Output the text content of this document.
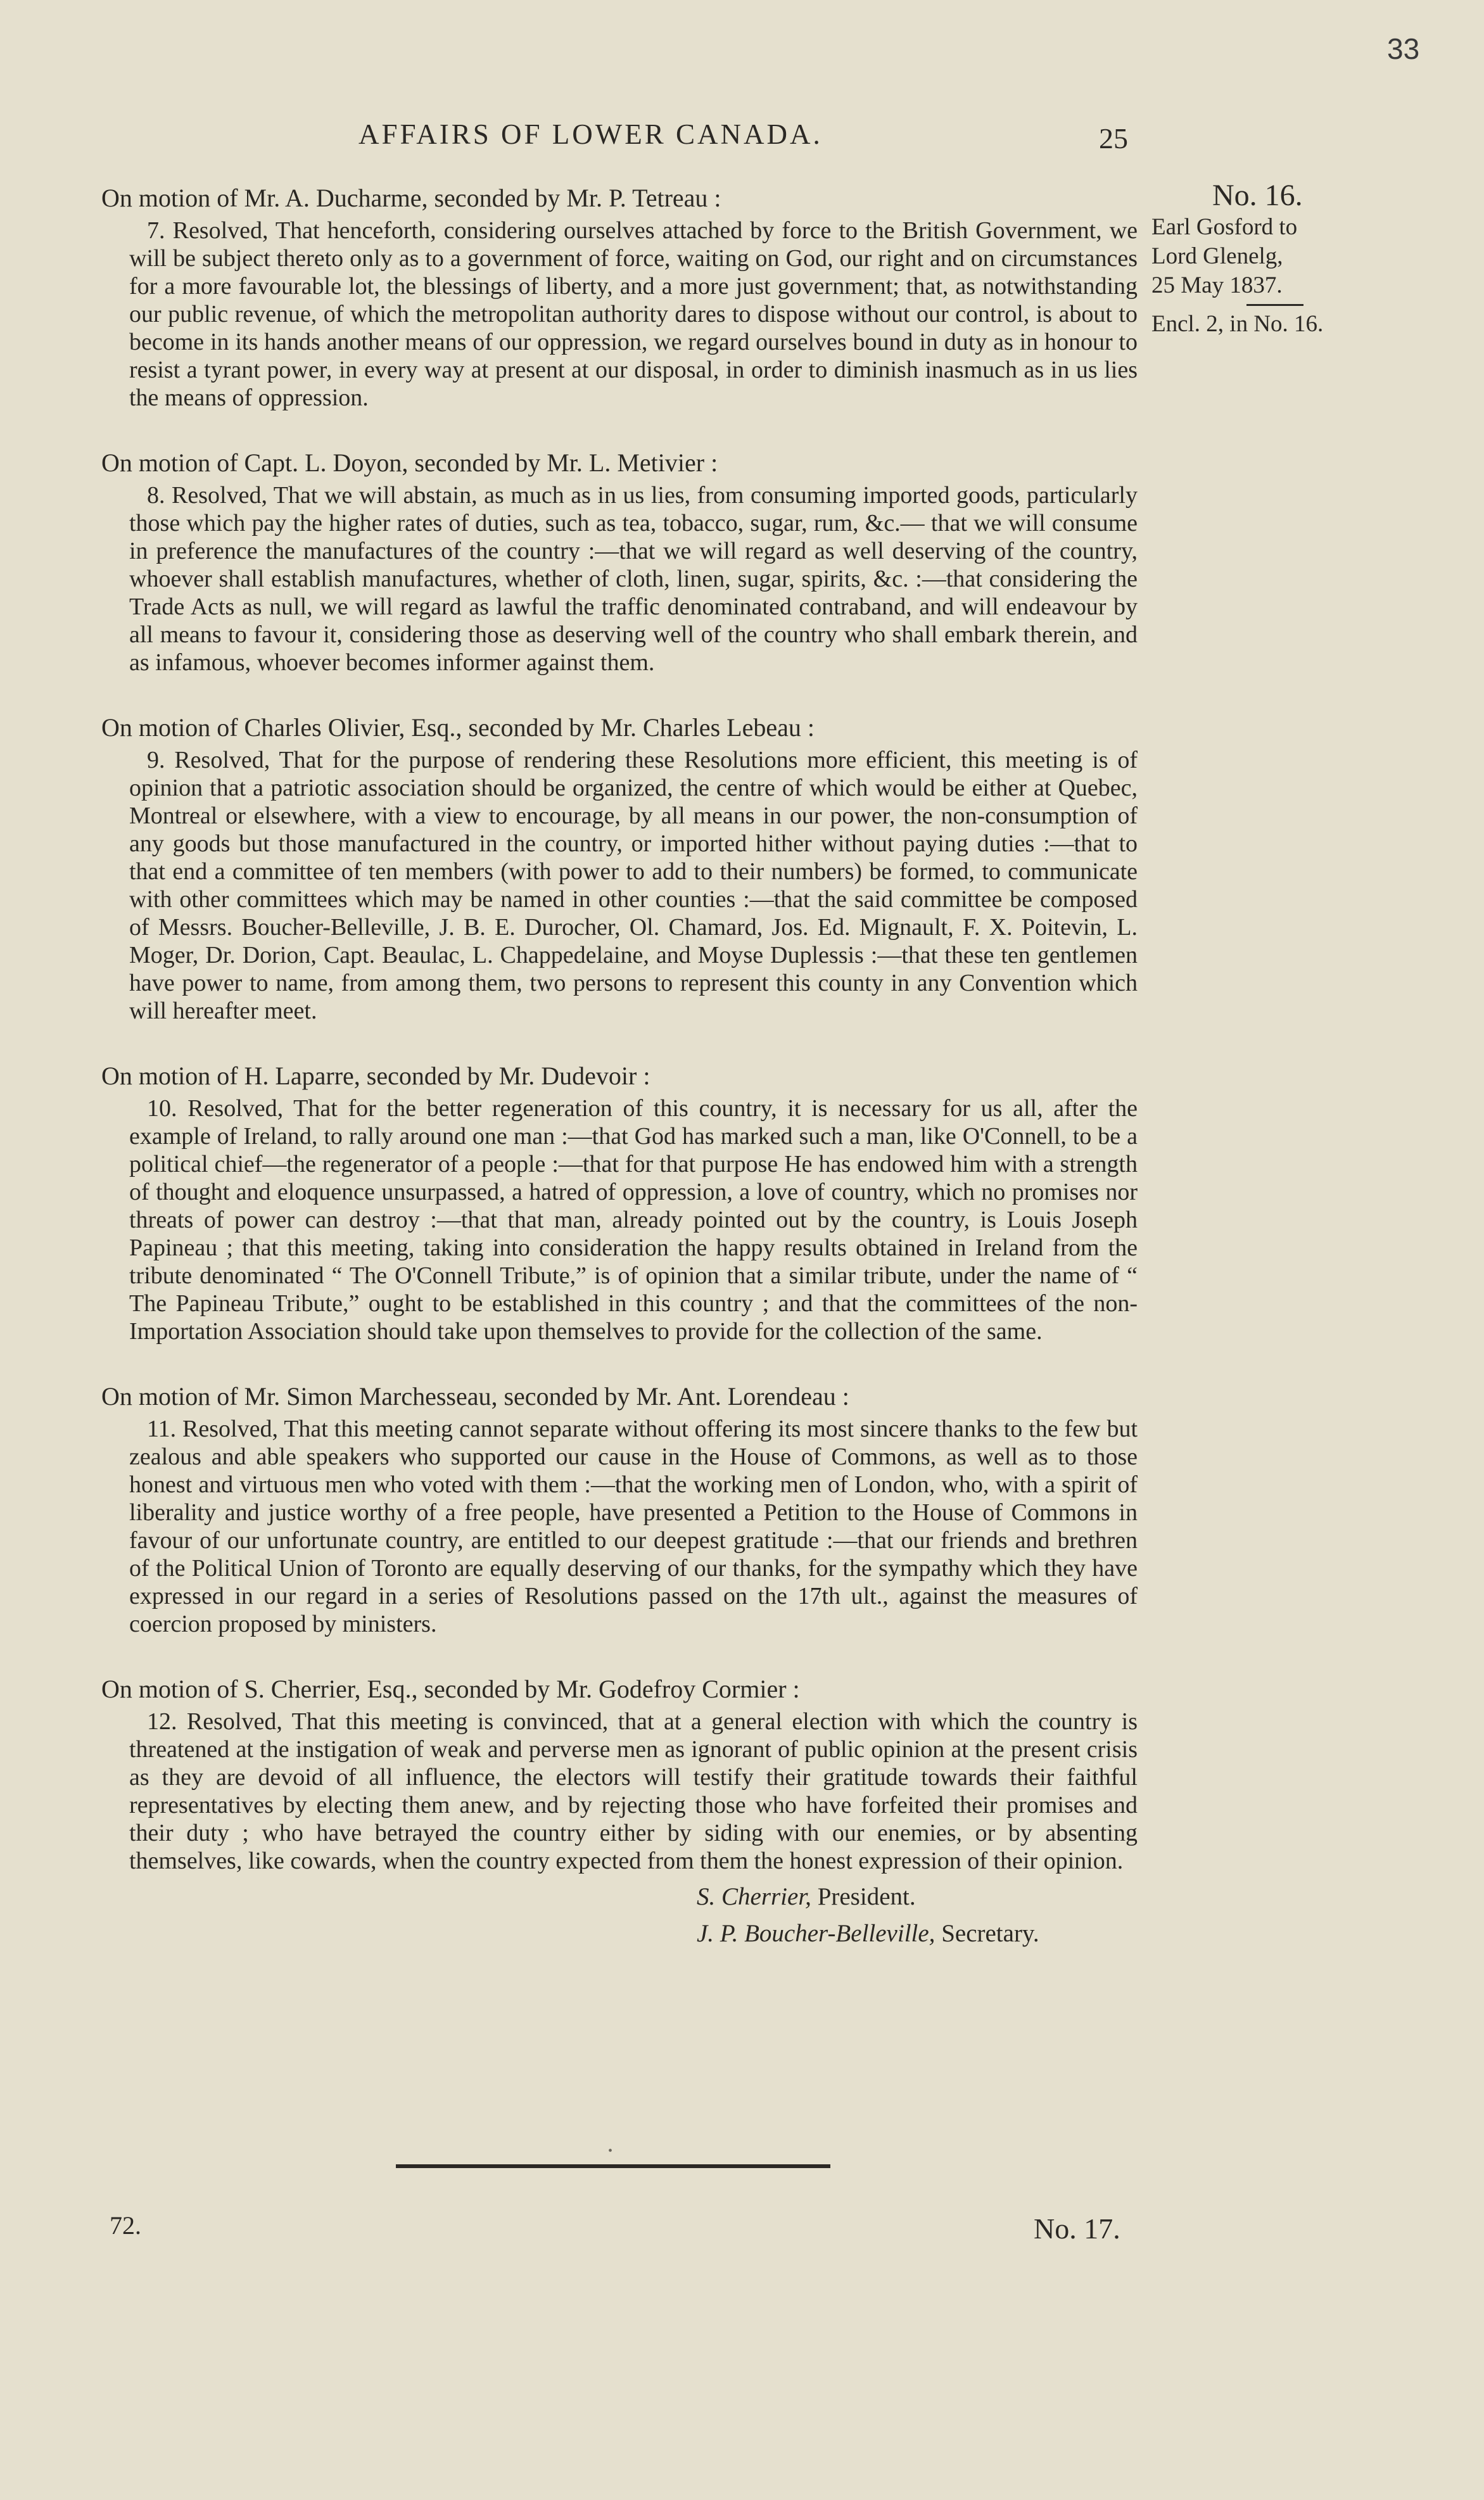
33
AFFAIRS OF LOWER CANADA.	25
No. 16.
Earl Gosford to
Lord Glenelg,
25 May 1837.
Encl. 2, in No. 16.

On motion of Mr. A. Ducharme, seconded by Mr. P. Tetreau :

7. Resolved, That henceforth, considering ourselves attached by force to the British Government, we will be subject thereto only as to a government of force, waiting on God, our right and on circumstances for a more favourable lot, the blessings of liberty, and a more just government; that, as notwithstanding our public revenue, of which the metropolitan authority dares to dispose without our control, is about to become in its hands another means of our oppression, we regard ourselves bound in duty as in honour to resist a tyrant power, in every way at present at our disposal, in order to diminish inasmuch as in us lies the means of oppression.

On motion of Capt. L. Doyon, seconded by Mr. L. Metivier :

8. Resolved, That we will abstain, as much as in us lies, from consuming imported goods, particularly those which pay the higher rates of duties, such as tea, tobacco, sugar, rum, &c.— that we will consume in preference the manufactures of the country :—that we will regard as well deserving of the country, whoever shall establish manufactures, whether of cloth, linen, sugar, spirits, &c. :—that considering the Trade Acts as null, we will regard as lawful the traffic denominated contraband, and will endeavour by all means to favour it, considering those as deserving well of the country who shall embark therein, and as infamous, whoever becomes informer against them.

On motion of Charles Olivier, Esq., seconded by Mr. Charles Lebeau :

9. Resolved, That for the purpose of rendering these Resolutions more efficient, this meeting is of opinion that a patriotic association should be organized, the centre of which would be either at Quebec, Montreal or elsewhere, with a view to encourage, by all means in our power, the non-consumption of any goods but those manufactured in the country, or imported hither without paying duties :—that to that end a committee of ten members (with power to add to their numbers) be formed, to communicate with other committees which may be named in other counties :—that the said committee be composed of Messrs. Boucher-Belleville, J. B. E. Durocher, Ol. Chamard, Jos. Ed. Mignault, F. X. Poitevin, L. Moger, Dr. Dorion, Capt. Beaulac, L. Chappedelaine, and Moyse Duplessis :—that these ten gentlemen have power to name, from among them, two persons to represent this county in any Convention which will hereafter meet.

On motion of H. Laparre, seconded by Mr. Dudevoir :

10. Resolved, That for the better regeneration of this country, it is necessary for us all, after the example of Ireland, to rally around one man :—that God has marked such a man, like O'Connell, to be a political chief—the regenerator of a people :—that for that purpose He has endowed him with a strength of thought and eloquence unsurpassed, a hatred of oppression, a love of country, which no promises nor threats of power can destroy :—that that man, already pointed out by the country, is Louis Joseph Papineau ; that this meeting, taking into consideration the happy results obtained in Ireland from the tribute denominated “ The O'Connell Tribute,” is of opinion that a similar tribute, under the name of “ The Papineau Tribute,” ought to be established in this country ; and that the committees of the non-Importation Association should take upon themselves to provide for the collection of the same.

On motion of Mr. Simon Marchesseau, seconded by Mr. Ant. Lorendeau :

11. Resolved, That this meeting cannot separate without offering its most sincere thanks to the few but zealous and able speakers who supported our cause in the House of Commons, as well as to those honest and virtuous men who voted with them :—that the working men of London, who, with a spirit of liberality and justice worthy of a free people, have presented a Petition to the House of Commons in favour of our unfortunate country, are entitled to our deepest gratitude :—that our friends and brethren of the Political Union of Toronto are equally deserving of our thanks, for the sympathy which they have expressed in our regard in a series of Resolutions passed on the 17th ult., against the measures of coercion proposed by ministers.

On motion of S. Cherrier, Esq., seconded by Mr. Godefroy Cormier :

12. Resolved, That this meeting is convinced, that at a general election with which the country is threatened at the instigation of weak and perverse men as ignorant of public opinion at the present crisis as they are devoid of all influence, the electors will testify their gratitude towards their faithful representatives by electing them anew, and by rejecting those who have forfeited their promises and their duty ; who have betrayed the country either by siding with our enemies, or by absenting themselves, like cowards, when the country expected from them the honest expression of their opinion.

S. Cherrier, President.
J. P. Boucher-Belleville, Secretary.
•
72.	No. 17.
